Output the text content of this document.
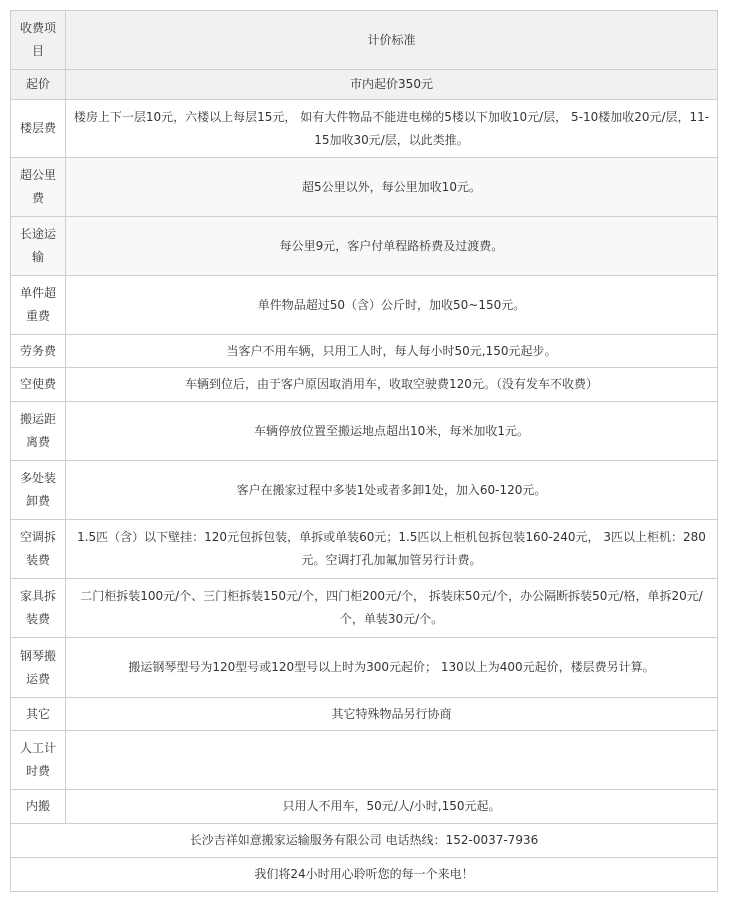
收费项目	计价标准
起价	市内起价350元
楼层费	楼房上下一层10元，六楼以上每层15元， 如有大件物品不能进电梯的5楼以下加收10元/层， 5-10楼加收20元/层，11-15加收30元/层，以此类推。
超公里费	超5公里以外，每公里加收10元。
长途运输	每公里9元，客户付单程路桥费及过渡费。
单件超重费	单件物品超过50（含）公斤时，加收50~150元。
劳务费	当客户不用车辆，只用工人时，每人每小时50元,150元起步。
空使费	车辆到位后，由于客户原因取消用车，收取空驶费120元。（没有发车不收费）
搬运距离费	车辆停放位置至搬运地点超出10米，每米加收1元。
多处装卸费	客户在搬家过程中多装1处或者多卸1处，加入60-120元。
空调拆装费	1.5匹（含）以下壁挂：120元包拆包装，单拆或单装60元；1.5匹以上柜机包拆包装160-240元， 3匹以上柜机：280元。空调打孔加氟加管另行计费。
家具拆装费	二门柜拆装100元/个、三门柜拆装150元/个，四门柜200元/个， 拆装床50元/个，办公隔断拆装50元/格，单拆20元/个，单装30元/个。
钢琴搬运费	搬运钢琴型号为120型号或120型号以上时为300元起价； 130以上为400元起价，楼层费另计算。
其它	其它特殊物品另行协商
人工计时费	
内搬	只用人不用车，50元/人/小时,150元起。
长沙吉祥如意搬家运输服务有限公司 电话热线：152-0037-7936	
我们将24小时用心聆听您的每一个来电！	
